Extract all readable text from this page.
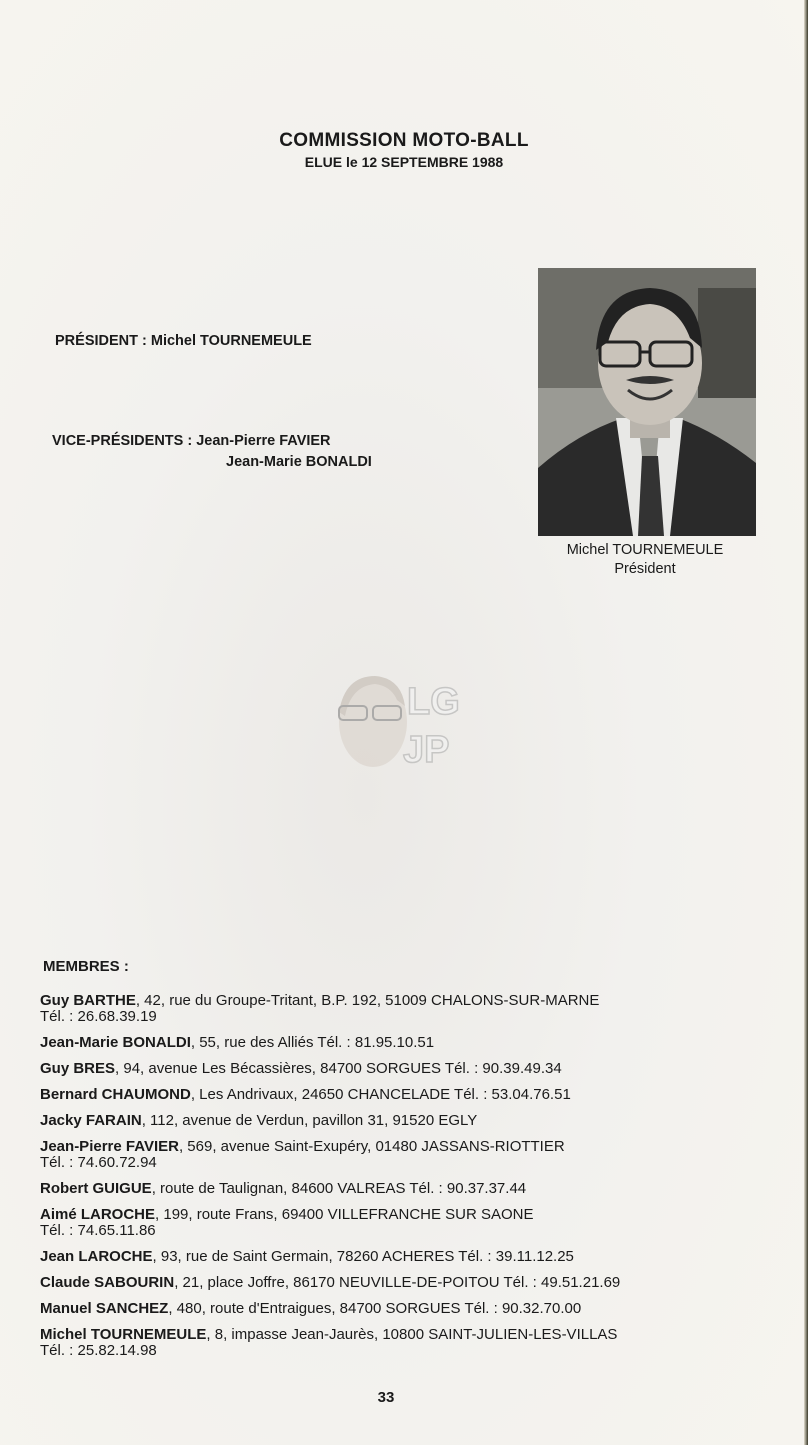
COMMISSION MOTO-BALL
ELUE le 12 SEPTEMBRE 1988
PRÉSIDENT : Michel TOURNEMEULE
VICE-PRÉSIDENTS : Jean-Pierre FAVIER
Jean-Marie BONALDI
Michel TOURNEMEULE
Président
LG
JP
MEMBRES :
Guy BARTHE, 42, rue du Groupe-Tritant, B.P. 192, 51009 CHALONS-SUR-MARNE
Tél. : 26.68.39.19
Jean-Marie BONALDI, 55, rue des Alliés Tél. : 81.95.10.51
Guy BRES, 94, avenue Les Bécassières, 84700 SORGUES Tél. : 90.39.49.34
Bernard CHAUMOND, Les Andrivaux, 24650 CHANCELADE Tél. : 53.04.76.51
Jacky FARAIN, 112, avenue de Verdun, pavillon 31, 91520 EGLY
Jean-Pierre FAVIER, 569, avenue Saint-Exupéry, 01480 JASSANS-RIOTTIER
Tél. : 74.60.72.94
Robert GUIGUE, route de Taulignan, 84600 VALREAS Tél. : 90.37.37.44
Aimé LAROCHE, 199, route Frans, 69400 VILLEFRANCHE SUR SAONE
Tél. : 74.65.11.86
Jean LAROCHE, 93, rue de Saint Germain, 78260 ACHERES Tél. : 39.11.12.25
Claude SABOURIN, 21, place Joffre, 86170 NEUVILLE-DE-POITOU Tél. : 49.51.21.69
Manuel SANCHEZ, 480, route d'Entraigues, 84700 SORGUES Tél. : 90.32.70.00
Michel TOURNEMEULE, 8, impasse Jean-Jaurès, 10800 SAINT-JULIEN-LES-VILLAS
Tél. : 25.82.14.98
33
